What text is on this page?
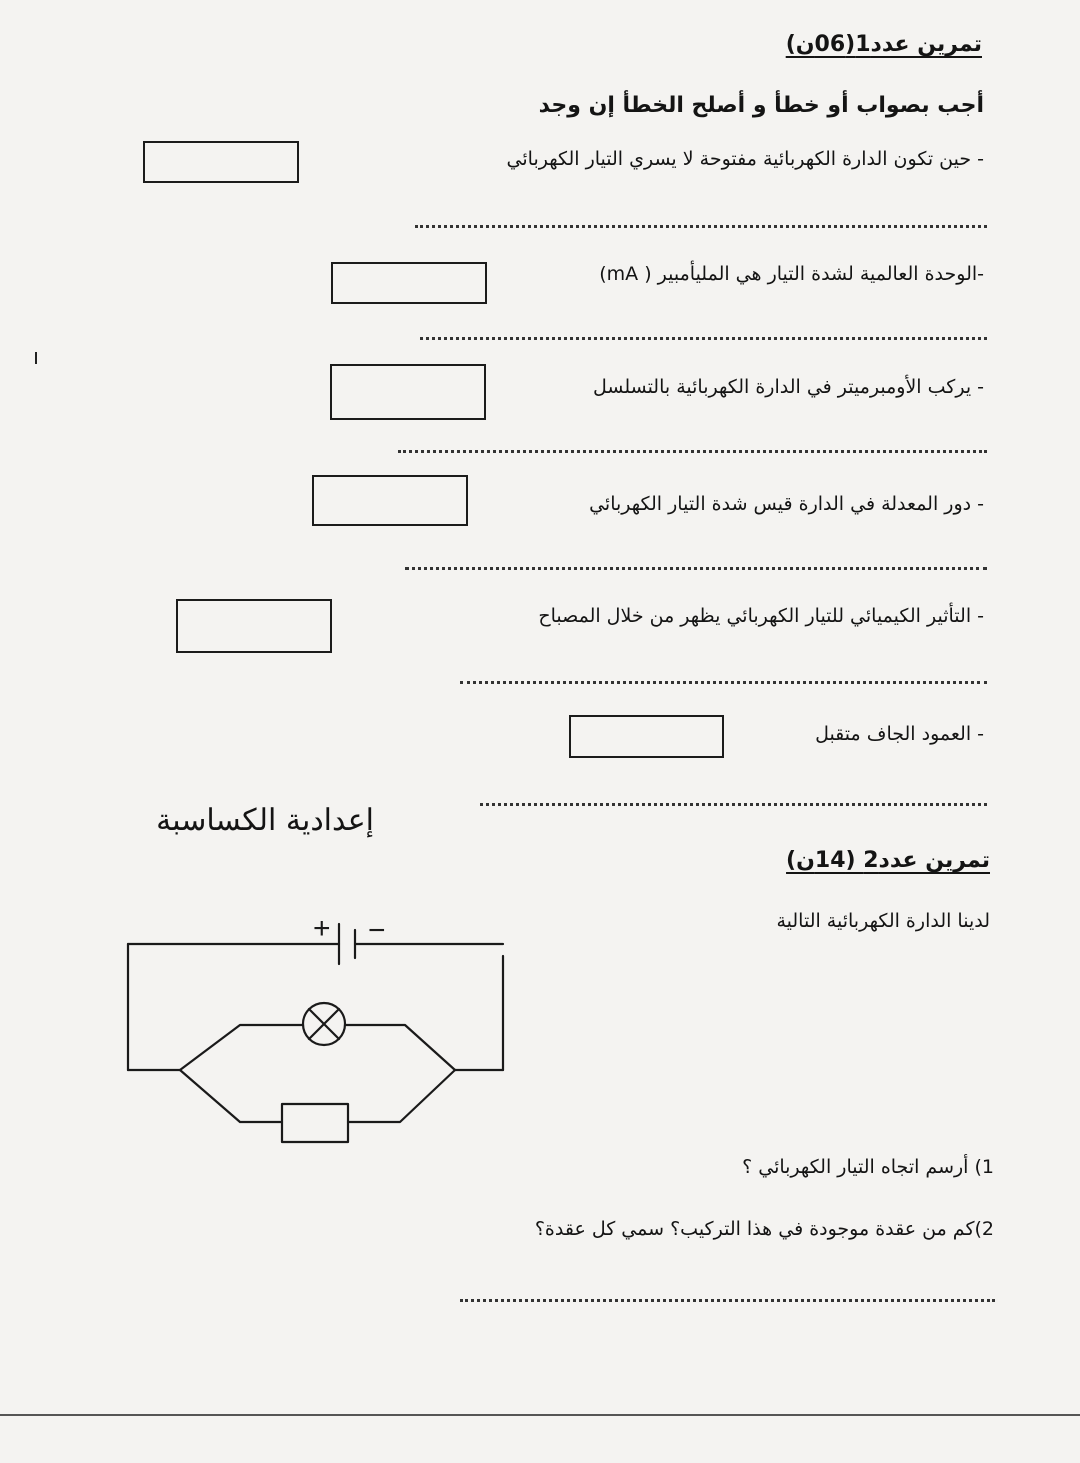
تمرين عدد1(06ن)
أجب بصواب أو خطأ و أصلح الخطأ إن وجد
- حين تكون الدارة الكهربائية مفتوحة لا يسري التيار الكهربائي
-الوحدة العالمية لشدة التيار هي المليأمبير ( mA)
- يركب الأومبرميتر في الدارة الكهربائية بالتسلسل
- دور المعدلة في الدارة قيس شدة التيار الكهربائي
- التأثير الكيميائي للتيار الكهربائي يظهر من خلال المصباح
- العمود الجاف متقبل
إعدادية الكساسبة
تمرين عدد2 (14ن)
لدينا الدارة الكهربائية التالية
+ −
1) أرسم اتجاه التيار الكهربائي ؟
2)كم من عقدة موجودة في هذا التركيب؟ سمي كل عقدة؟
